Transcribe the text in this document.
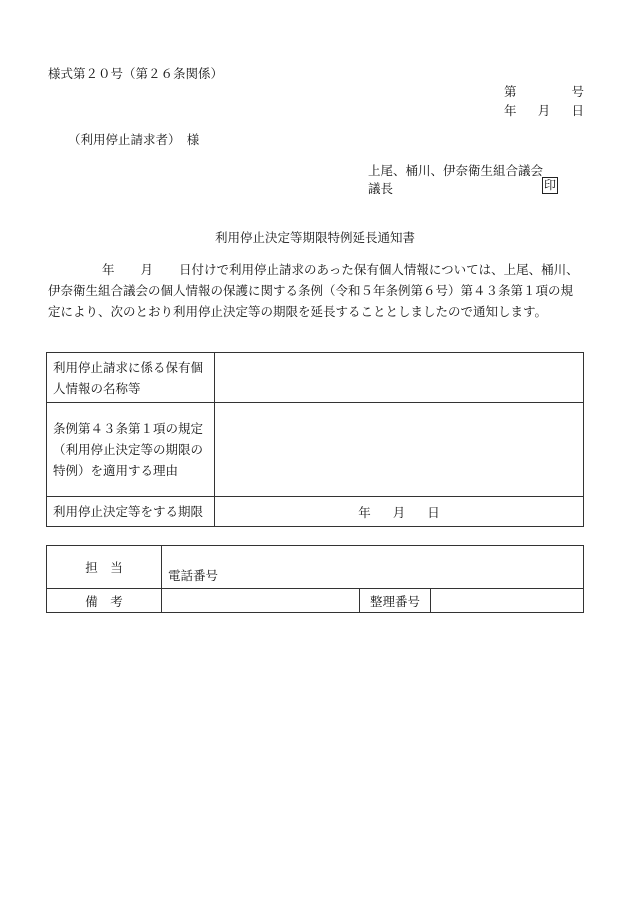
様式第２０号（第２６条関係）
第	号
年 月 日
（利用停止請求者）　様
上尾、桶川、伊奈衛生組合議会
議長	印
利用停止決定等期限特例延長通知書
年 月 日付けで利用停止請求のあった保有個人情報については、上尾、桶川、伊奈衛生組合議会の個人情報の保護に関する条例（令和５年条例第６号）第４３条第１項の規定により、次のとおり利用停止決定等の期限を延長することとしましたので通知します。
利用停止請求に係る保有個人情報の名称等	
条例第４３条第１項の規定（利用停止決定等の期限の特例）を適用する理由	
利用停止決定等をする期限	年 月 日
担　当	電話番号		
備　考		整理番号	
